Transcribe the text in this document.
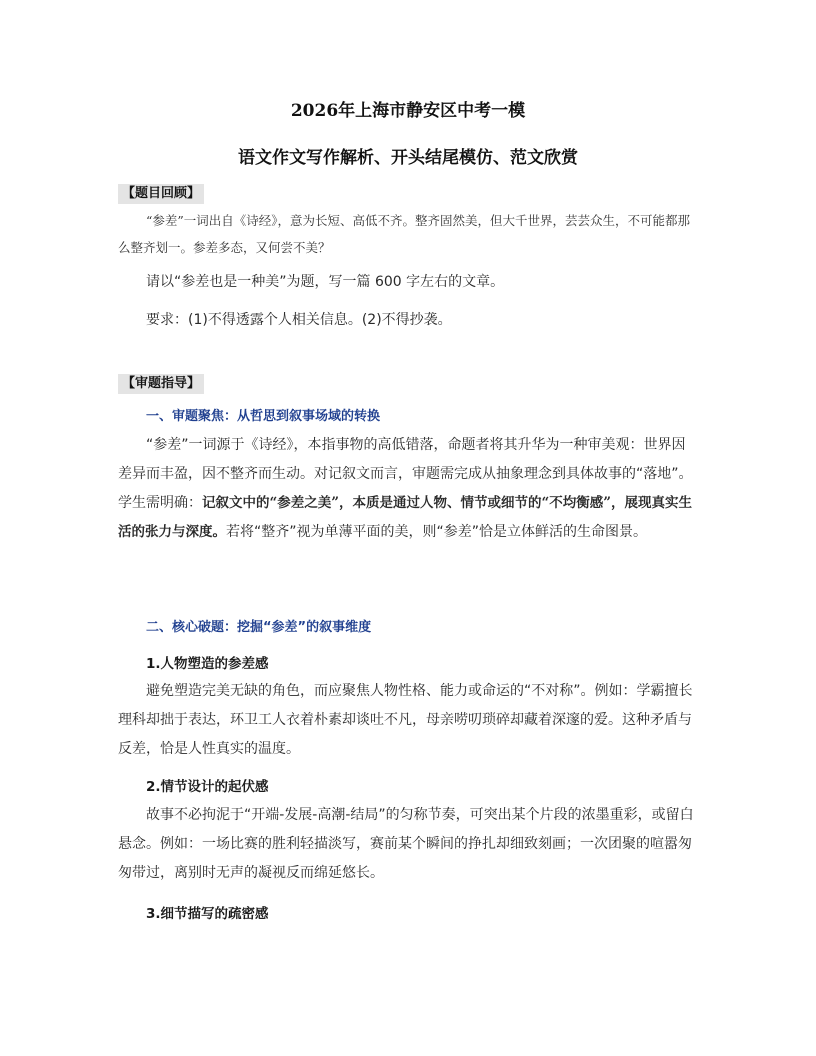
2026年上海市静安区中考一模
语文作文写作解析、开头结尾模仿、范文欣赏
【题目回顾】

“参差”一词出自《诗经》，意为长短、高低不齐。整齐固然美，但大千世界，芸芸众生，不可能都那么整齐划一。参差多态，又何尝不美？

请以“参差也是一种美”为题，写一篇 600 字左右的文章。

要求：(1)不得透露个人相关信息。(2)不得抄袭。

【审题指导】
一、审题聚焦：从哲思到叙事场域的转换

“参差”一词源于《诗经》，本指事物的高低错落，命题者将其升华为一种审美观：世界因差异而丰盈，因不整齐而生动。对记叙文而言，审题需完成从抽象理念到具体故事的“落地”。学生需明确：记叙文中的“参差之美”，本质是通过人物、情节或细节的“不均衡感”，展现真实生活的张力与深度。若将“整齐”视为单薄平面的美，则“参差”恰是立体鲜活的生命图景。

二、核心破题：挖掘“参差”的叙事维度
1.人物塑造的参差感

避免塑造完美无缺的角色，而应聚焦人物性格、能力或命运的“不对称”。例如：学霸擅长理科却拙于表达，环卫工人衣着朴素却谈吐不凡，母亲唠叨琐碎却藏着深邃的爱。这种矛盾与反差，恰是人性真实的温度。

2.情节设计的起伏感

故事不必拘泥于“开端-发展-高潮-结局”的匀称节奏，可突出某个片段的浓墨重彩，或留白悬念。例如：一场比赛的胜利轻描淡写，赛前某个瞬间的挣扎却细致刻画；一次团聚的喧嚣匆匆带过，离别时无声的凝视反而绵延悠长。

3.细节描写的疏密感
